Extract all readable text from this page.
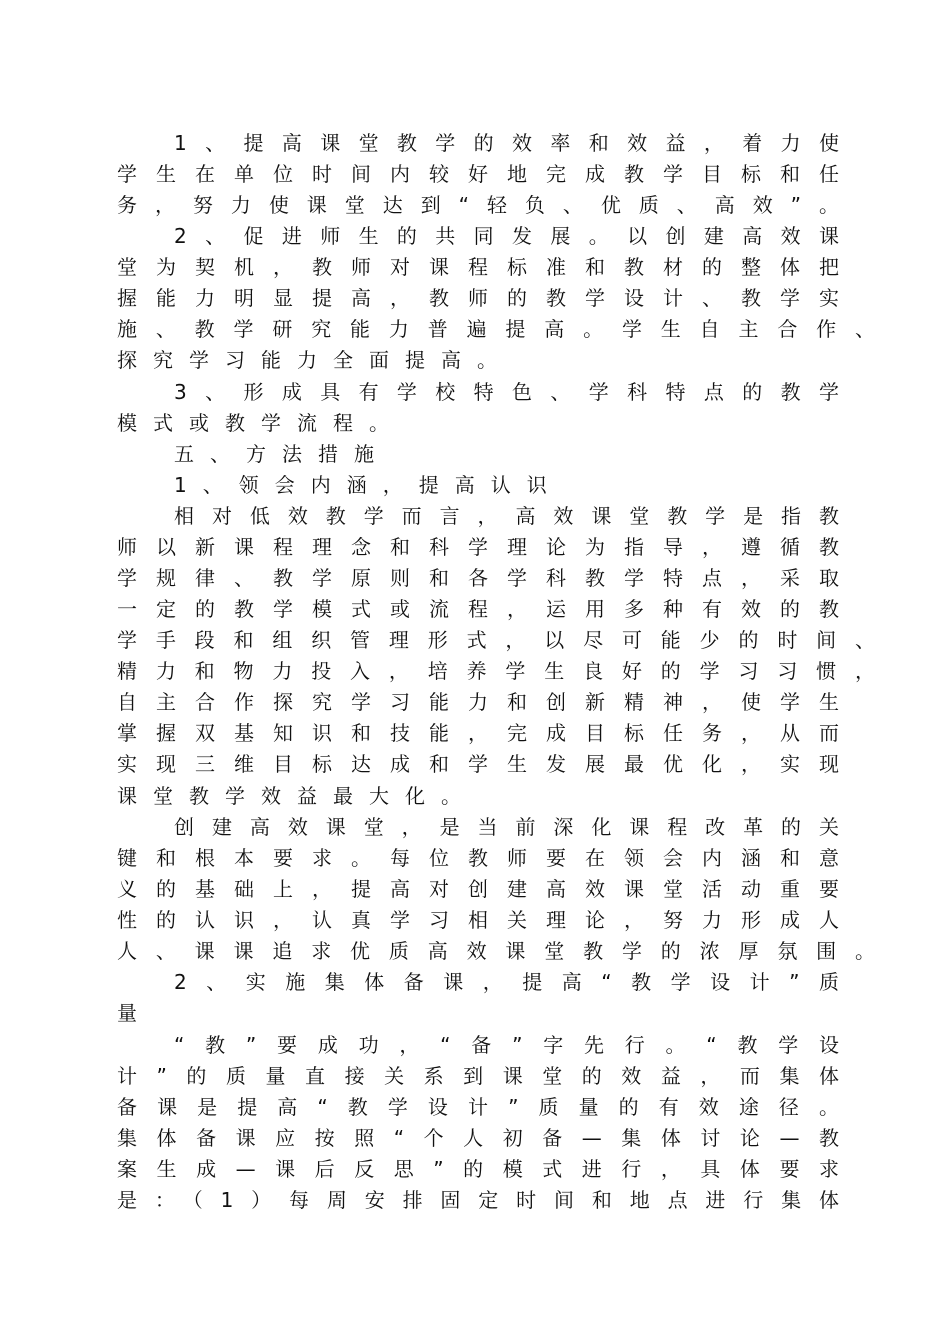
1、提高课堂教学的效率和效益，着力使
学生在单位时间内较好地完成教学目标和任
务，努力使课堂达到“轻负、优质、高效”。
2、促进师生的共同发展。以创建高效课
堂为契机，教师对课程标准和教材的整体把
握能力明显提高，教师的教学设计、教学实
施、教学研究能力普遍提高。学生自主合作、
探究学习能力全面提高。
3、形成具有学校特色、学科特点的教学
模式或教学流程。
五、方法措施
1、领会内涵，提高认识
相对低效教学而言，高效课堂教学是指教
师以新课程理念和科学理论为指导，遵循教
学规律、教学原则和各学科教学特点，采取
一定的教学模式或流程，运用多种有效的教
学手段和组织管理形式，以尽可能少的时间、
精力和物力投入，培养学生良好的学习习惯，
自主合作探究学习能力和创新精神，使学生
掌握双基知识和技能，完成目标任务，从而
实现三维目标达成和学生发展最优化，实现
课堂教学效益最大化。
创建高效课堂，是当前深化课程改革的关
键和根本要求。每位教师要在领会内涵和意
义的基础上，提高对创建高效课堂活动重要
性的认识，认真学习相关理论，努力形成人
人、课课追求优质高效课堂教学的浓厚氛围。
2、实施集体备课，提高“教学设计”质
量
“教”要成功，“备”字先行。“教学设
计”的质量直接关系到课堂的效益，而集体
备课是提高“教学设计”质量的有效途径。
集体备课应按照“个人初备—集体讨论—教
案生成—课后反思”的模式进行，具体要求
是：（1）每周安排固定时间和地点进行集体
